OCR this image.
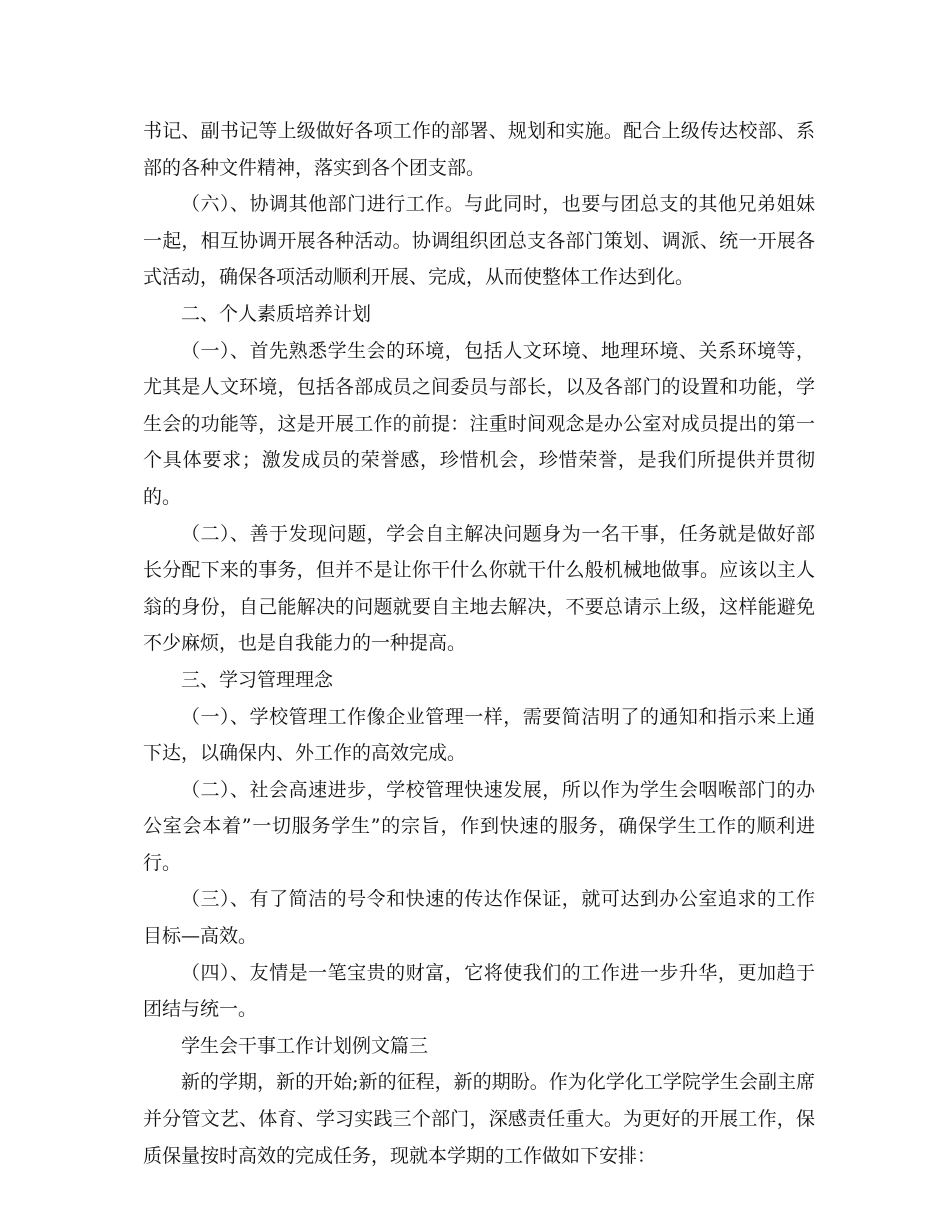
书记、副书记等上级做好各项工作的部署、规划和实施。配合上级传达校部、系部的各种文件精神，落实到各个团支部。

（六）、协调其他部门进行工作。与此同时，也要与团总支的其他兄弟姐妹一起，相互协调开展各种活动。协调组织团总支各部门策划、调派、统一开展各式活动，确保各项活动顺利开展、完成，从而使整体工作达到化。

二、个人素质培养计划

（一）、首先熟悉学生会的环境，包括人文环境、地理环境、关系环境等，尤其是人文环境，包括各部成员之间委员与部长，以及各部门的设置和功能，学生会的功能等，这是开展工作的前提：注重时间观念是办公室对成员提出的第一个具体要求；激发成员的荣誉感，珍惜机会，珍惜荣誉，是我们所提供并贯彻的。

（二）、善于发现问题，学会自主解决问题身为一名干事，任务就是做好部长分配下来的事务，但并不是让你干什么你就干什么般机械地做事。应该以主人翁的身份，自己能解决的问题就要自主地去解决，不要总请示上级，这样能避免不少麻烦，也是自我能力的一种提高。

三、学习管理理念

（一）、学校管理工作像企业管理一样，需要简洁明了的通知和指示来上通下达，以确保内、外工作的高效完成。

（二）、社会高速进步，学校管理快速发展，所以作为学生会咽喉部门的办公室会本着”一切服务学生”的宗旨，作到快速的服务，确保学生工作的顺利进行。

（三）、有了简洁的号令和快速的传达作保证，就可达到办公室追求的工作目标—高效。

（四）、友情是一笔宝贵的财富，它将使我们的工作进一步升华，更加趋于团结与统一。

学生会干事工作计划例文篇三

新的学期，新的开始;新的征程，新的期盼。作为化学化工学院学生会副主席并分管文艺、体育、学习实践三个部门，深感责任重大。为更好的开展工作，保质保量按时高效的完成任务，现就本学期的工作做如下安排：
